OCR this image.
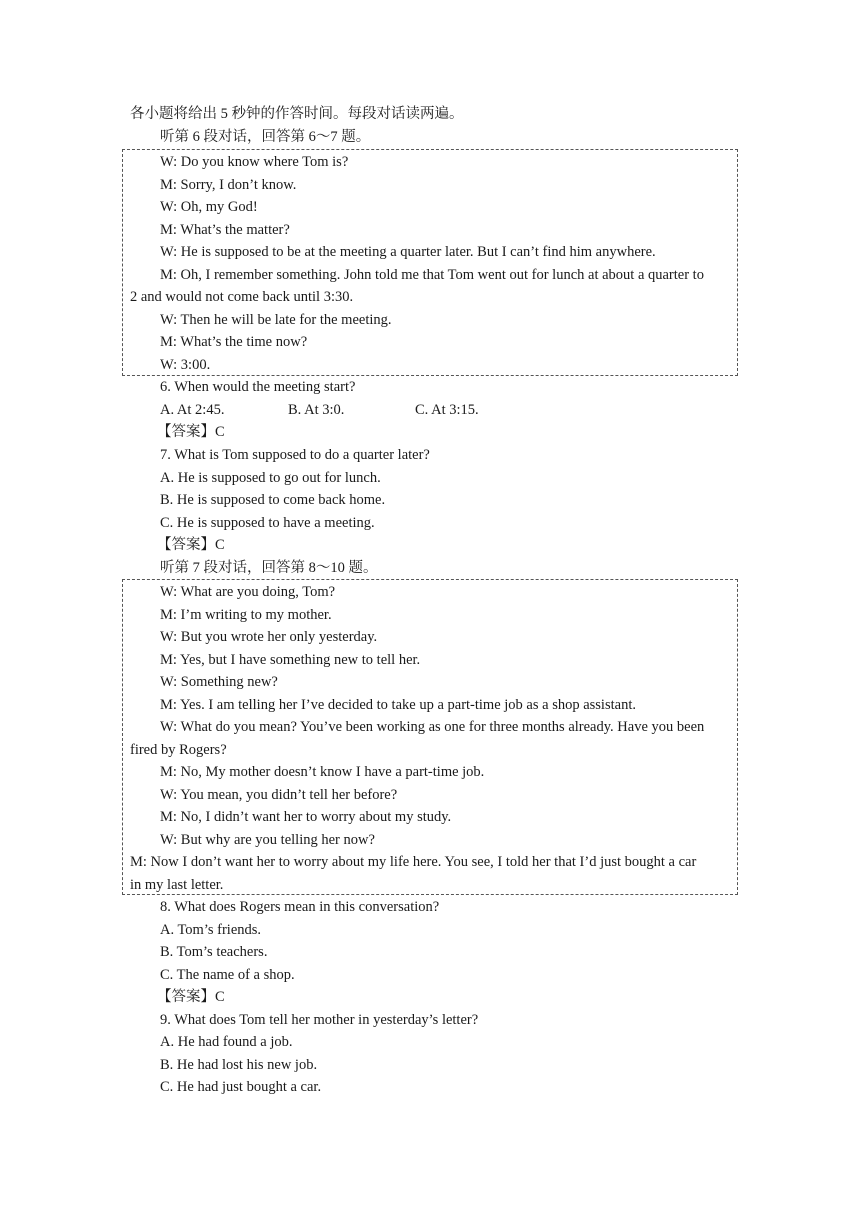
各小题将给出 5 秒钟的作答时间。每段对话读两遍。
听第 6 段对话，回答第 6～7 题。
W: Do you know where Tom is?
M: Sorry, I don’t know.
W: Oh, my God!
M: What’s the matter?
W: He is supposed to be at the meeting a quarter later. But I can’t find him anywhere.
M: Oh, I remember something. John told me that Tom went out for lunch at about a quarter to
2 and would not come back until 3:30.
W: Then he will be late for the meeting.
M: What’s the time now?
W: 3:00.
6. When would the meeting start?
A. At 2:45.	B. At 3:0.	C. At 3:15.
【答案】C
7. What is Tom supposed to do a quarter later?
A. He is supposed to go out for lunch.
B. He is supposed to come back home.
C. He is supposed to have a meeting.
【答案】C
听第 7 段对话，回答第 8～10 题。
W: What are you doing, Tom?
M: I’m writing to my mother.
W: But you wrote her only yesterday.
M: Yes, but I have something new to tell her.
W: Something new?
M: Yes. I am telling her I’ve decided to take up a part-time job as a shop assistant.
W: What do you mean? You’ve been working as one for three months already. Have you been
fired by Rogers?
M: No, My mother doesn’t know I have a part-time job.
W: You mean, you didn’t tell her before?
M: No, I didn’t want her to worry about my study.
W: But why are you telling her now?
M: Now I don’t want her to worry about my life here. You see, I told her that I’d just bought a car
in my last letter.
8. What does Rogers mean in this conversation?
A. Tom’s friends.
B. Tom’s teachers.
C. The name of a shop.
【答案】C
9. What does Tom tell her mother in yesterday’s letter?
A. He had found a job.
B. He had lost his new job.
C. He had just bought a car.
